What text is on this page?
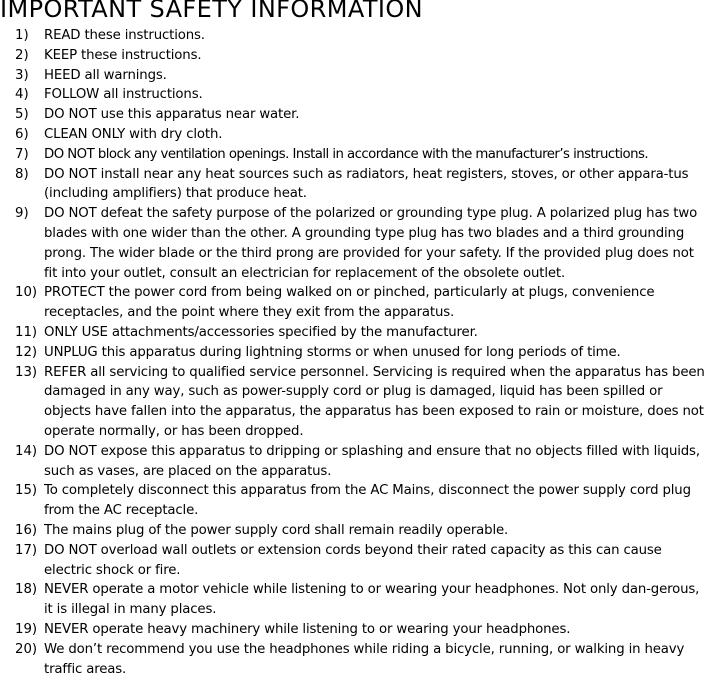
IMPORTANT SAFETY INFORMATION
1) READ these instructions.
2) KEEP these instructions.
3) HEED all warnings.
4) FOLLOW all instructions.
5) DO NOT use this apparatus near water.
6) CLEAN ONLY with dry cloth.
7) DO NOT block any ventilation openings. Install in accordance with the manufacturer’s instructions.
8) DO NOT install near any heat sources such as radiators, heat registers, stoves, or other appara-tus (including amplifiers) that produce heat.
9) DO NOT defeat the safety purpose of the polarized or grounding type plug. A polarized plug has two blades with one wider than the other. A grounding type plug has two blades and a third grounding prong. The wider blade or the third prong are provided for your safety. If the provided plug does not fit into your outlet, consult an electrician for replacement of the obsolete outlet.
10) PROTECT the power cord from being walked on or pinched, particularly at plugs, convenience receptacles, and the point where they exit from the apparatus.
11) ONLY USE attachments/accessories specified by the manufacturer.
12) UNPLUG this apparatus during lightning storms or when unused for long periods of time.
13) REFER all servicing to qualified service personnel. Servicing is required when the apparatus has been damaged in any way, such as power-supply cord or plug is damaged, liquid has been spilled or objects have fallen into the apparatus, the apparatus has been exposed to rain or moisture, does not operate normally, or has been dropped.
14) DO NOT expose this apparatus to dripping or splashing and ensure that no objects filled with liquids, such as vases, are placed on the apparatus.
15) To completely disconnect this apparatus from the AC Mains, disconnect the power supply cord plug from the AC receptacle.
16) The mains plug of the power supply cord shall remain readily operable.
17) DO NOT overload wall outlets or extension cords beyond their rated capacity as this can cause electric shock or fire.
18) NEVER operate a motor vehicle while listening to or wearing your headphones. Not only dan-gerous, it is illegal in many places.
19) NEVER operate heavy machinery while listening to or wearing your headphones.
20) We don’t recommend you use the headphones while riding a bicycle, running, or walking in heavy traffic areas.
